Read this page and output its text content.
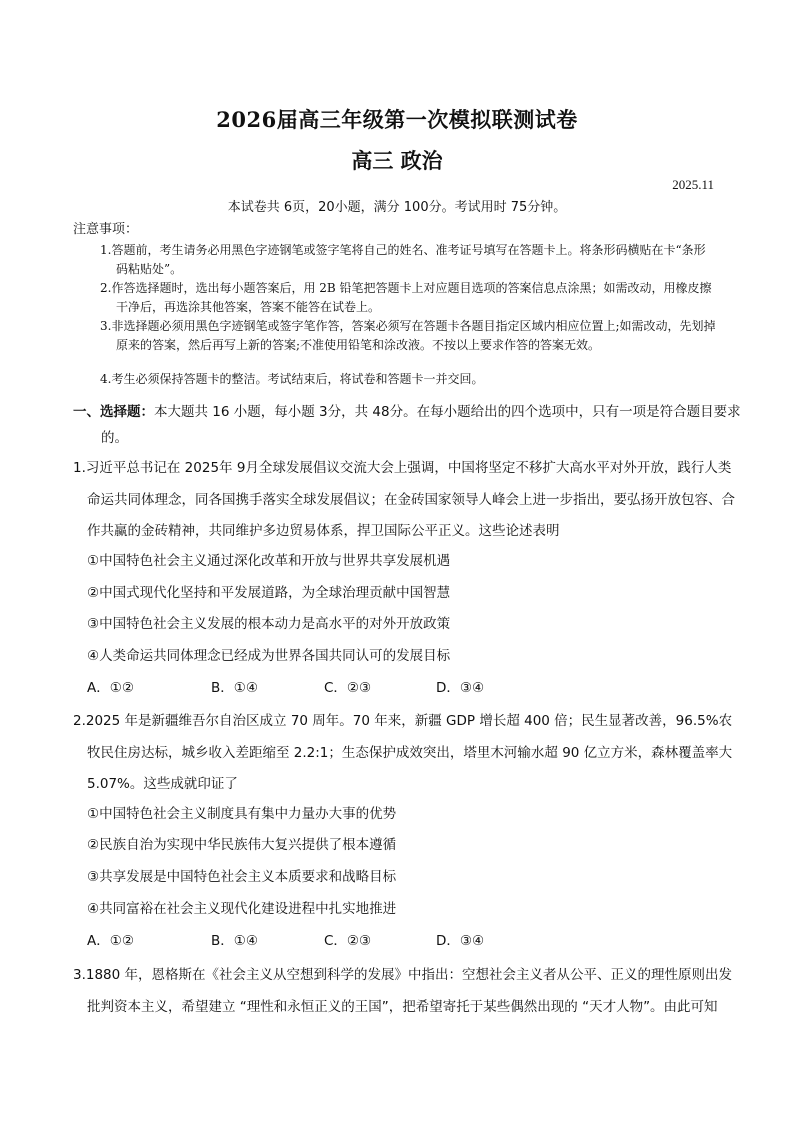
2026届高三年级第一次模拟联测试卷
高三 政治
2025.11
本试卷共 6页，20小题，满分 100分。考试用时 75分钟。
注意事项：
1.答题前，考生请务必用黑色字迹钢笔或签字笔将自己的姓名、准考证号填写在答题卡上。将条形码横贴在卡“条形码粘贴处”。
2.作答选择题时，选出每小题答案后，用 2B 铅笔把答题卡上对应题目选项的答案信息点涂黑；如需改动，用橡皮擦干净后，再选涂其他答案，答案不能答在试卷上。
3.非选择题必须用黑色字迹钢笔或签字笔作答，答案必须写在答题卡各题目指定区域内相应位置上;如需改动，先划掉原来的答案，然后再写上新的答案;不准使用铅笔和涂改液。不按以上要求作答的答案无效。
4.考生必须保持答题卡的整洁。考试结束后，将试卷和答题卡一并交回。
一、选择题：本大题共 16 小题，每小题 3分，共 48分。在每小题给出的四个选项中，只有一项是符合题目要求的。
1.习近平总书记在 2025年 9月全球发展倡议交流大会上强调，中国将坚定不移扩大高水平对外开放，践行人类命运共同体理念，同各国携手落实全球发展倡议；在金砖国家领导人峰会上进一步指出，要弘扬开放包容、合作共赢的金砖精神，共同维护多边贸易体系，捍卫国际公平正义。这些论述表明
①中国特色社会主义通过深化改革和开放与世界共享发展机遇
②中国式现代化坚持和平发展道路，为全球治理贡献中国智慧
③中国特色社会主义发展的根本动力是高水平的对外开放政策
④人类命运共同体理念已经成为世界各国共同认可的发展目标
A．①②	B．①④	C．②③	D．③④
2.2025 年是新疆维吾尔自治区成立 70 周年。70 年来，新疆 GDP 增长超 400 倍；民生显著改善，96.5%农牧民住房达标，城乡收入差距缩至 2.2:1；生态保护成效突出，塔里木河输水超 90 亿立方米，森林覆盖率大 5.07%。这些成就印证了
①中国特色社会主义制度具有集中力量办大事的优势
②民族自治为实现中华民族伟大复兴提供了根本遵循
③共享发展是中国特色社会主义本质要求和战略目标
④共同富裕在社会主义现代化建设进程中扎实地推进
A．①②	B．①④	C．②③	D．③④
3.1880 年，恩格斯在《社会主义从空想到科学的发展》中指出：空想社会主义者从公平、正义的理性原则出发批判资本主义，希望建立 “理性和永恒正义的王国”，把希望寄托于某些偶然出现的 “天才人物”。由此可知
